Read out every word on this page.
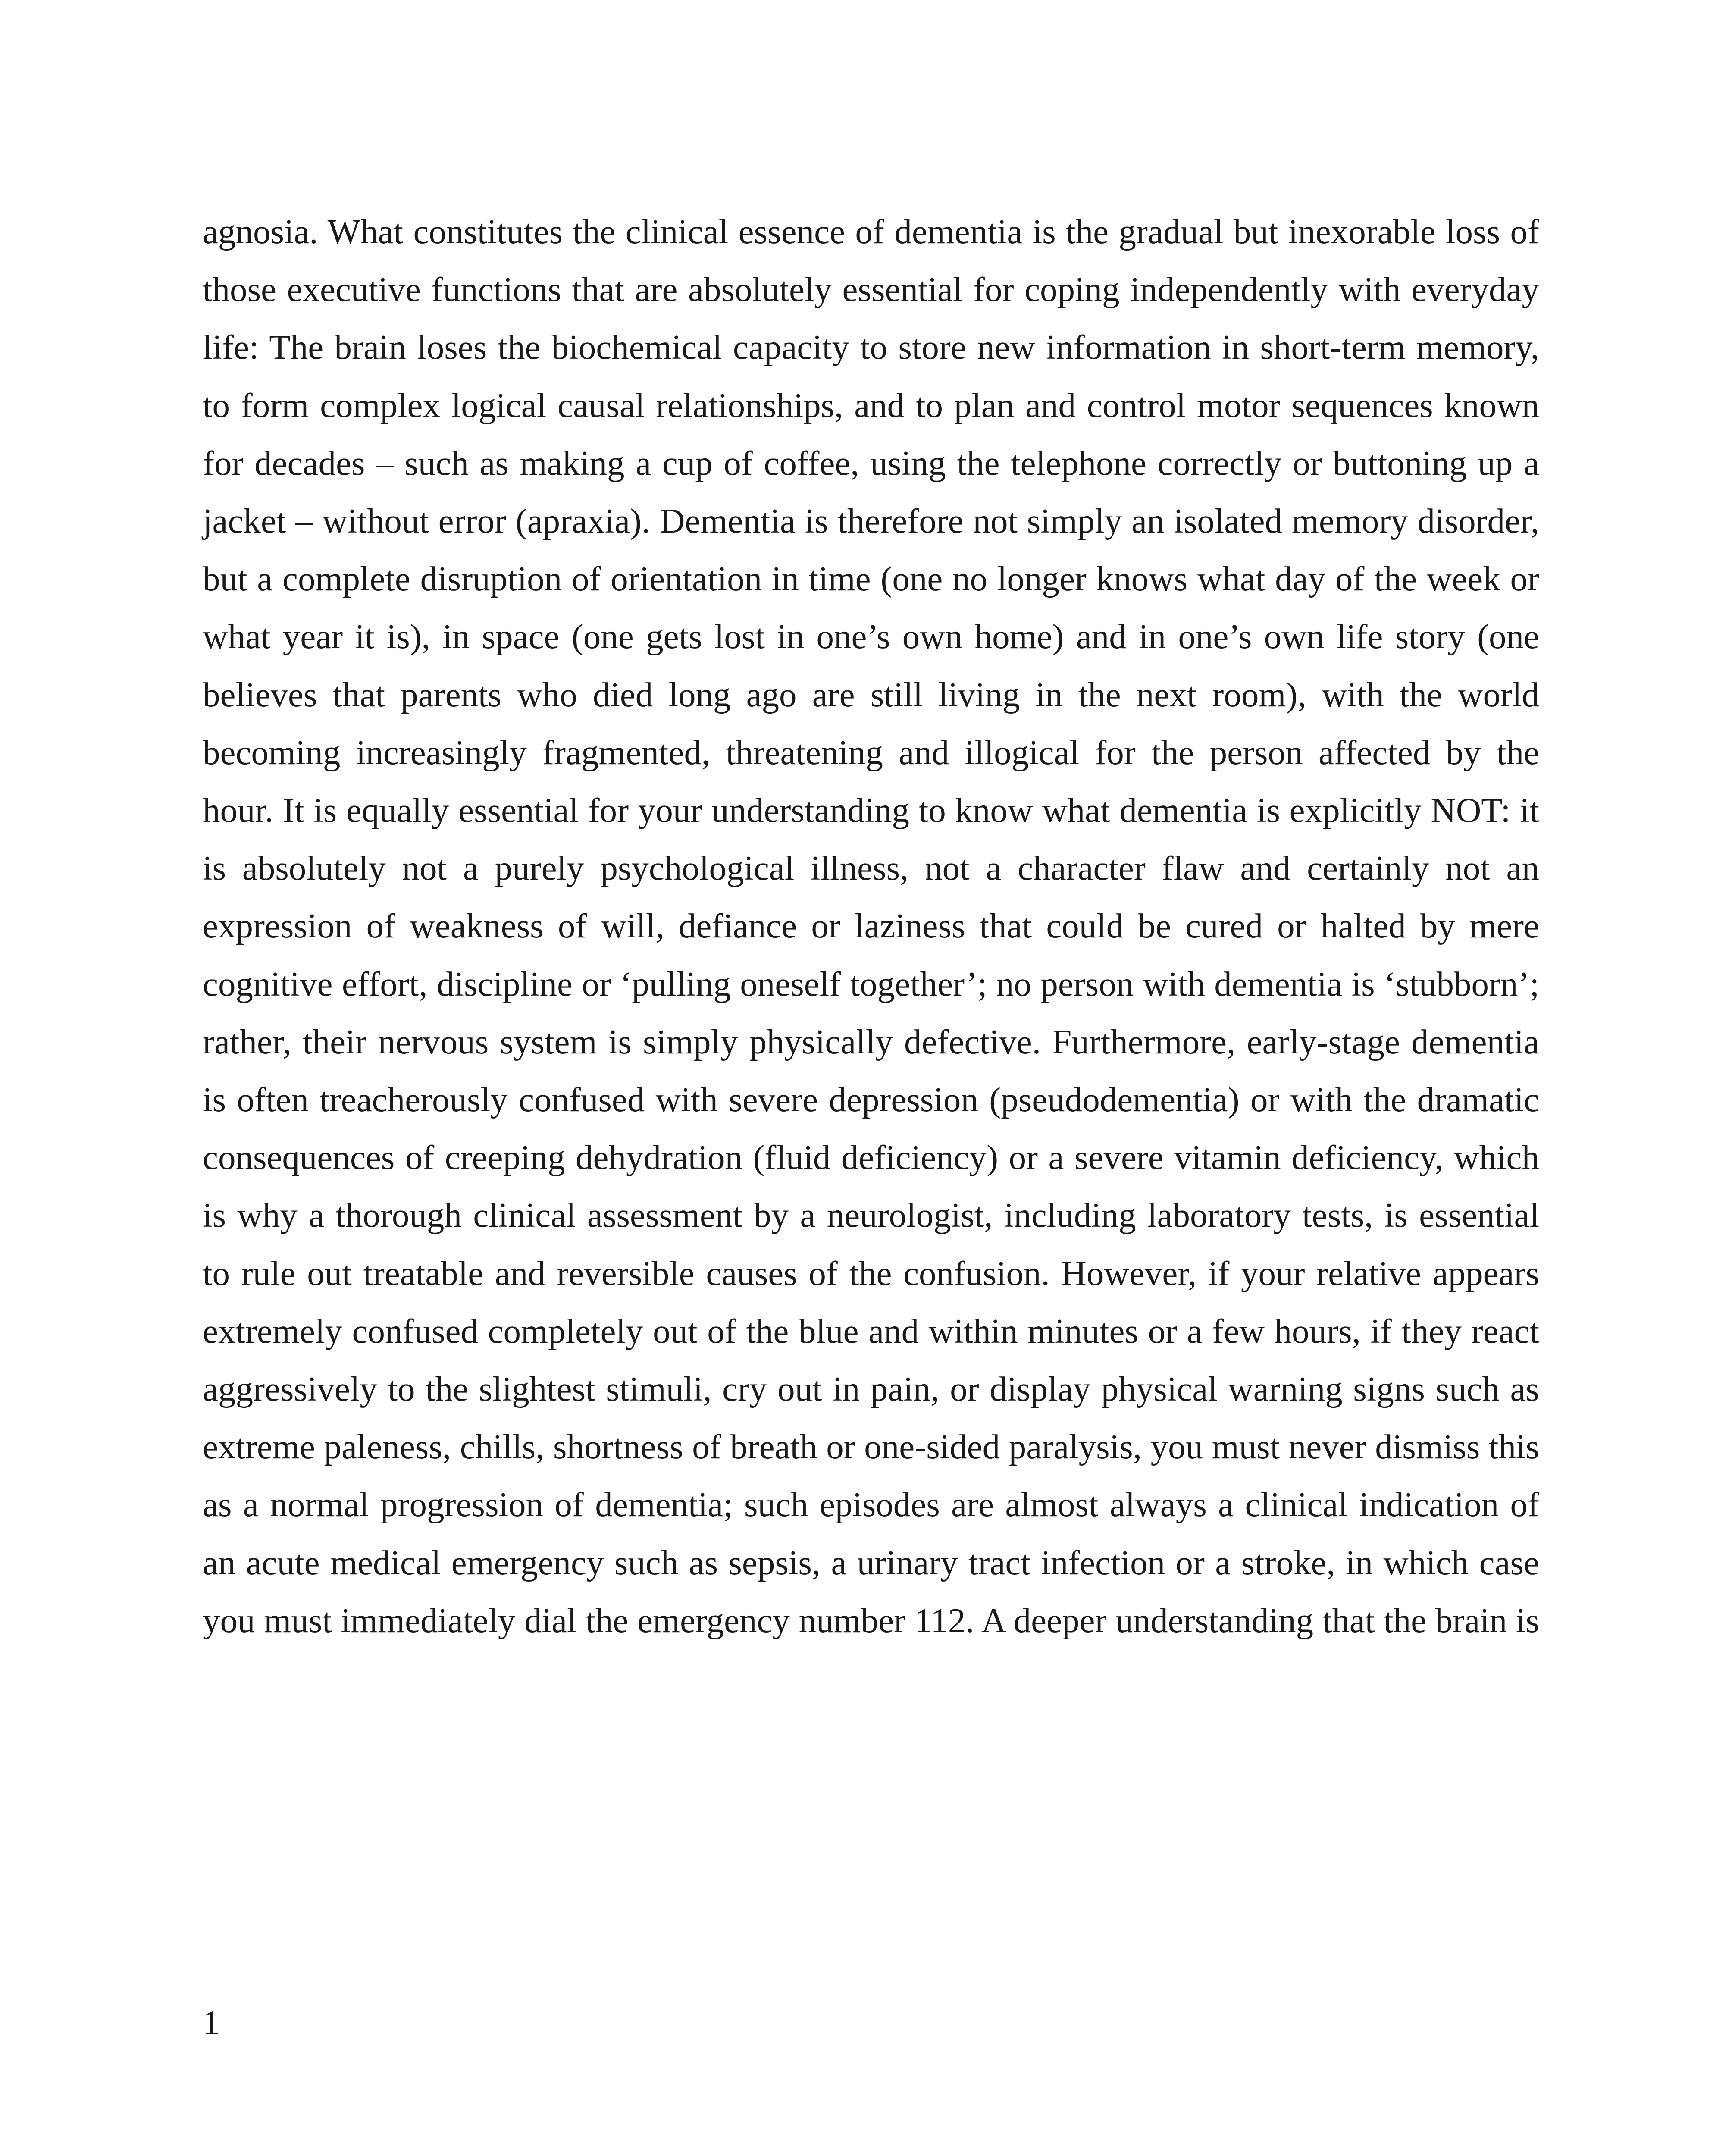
agnosia. What constitutes the clinical essence of dementia is the gradual but inexorable loss of those executive functions that are absolutely essential for coping independently with everyday life: The brain loses the biochemical capacity to store new information in short-term memory, to form complex logical causal relationships, and to plan and control motor sequences known for decades – such as making a cup of coffee, using the telephone correctly or buttoning up a jacket – without error (apraxia). Dementia is therefore not simply an isolated memory disorder, but a complete disruption of orientation in time (one no longer knows what day of the week or what year it is), in space (one gets lost in one’s own home) and in one’s own life story (one believes that parents who died long ago are still living in the next room), with the world becoming increasingly fragmented, threatening and illogical for the person affected by the hour. It is equally essential for your understanding to know what dementia is explicitly NOT: it is absolutely not a purely psychological illness, not a character flaw and certainly not an expression of weakness of will, defiance or laziness that could be cured or halted by mere cognitive effort, discipline or ‘pulling oneself together’; no person with dementia is ‘stubborn’; rather, their nervous system is simply physically defective. Furthermore, early-stage dementia is often treacherously confused with severe depression (pseudodementia) or with the dramatic consequences of creeping dehydration (fluid deficiency) or a severe vitamin deficiency, which is why a thorough clinical assessment by a neurologist, including laboratory tests, is essential to rule out treatable and reversible causes of the confusion. However, if your relative appears extremely confused completely out of the blue and within minutes or a few hours, if they react aggressively to the slightest stimuli, cry out in pain, or display physical warning signs such as extreme paleness, chills, shortness of breath or one-sided paralysis, you must never dismiss this as a normal progression of dementia; such episodes are almost always a clinical indication of an acute medical emergency such as sepsis, a urinary tract infection or a stroke, in which case you must immediately dial the emergency number 112. A deeper understanding that the brain is

1
